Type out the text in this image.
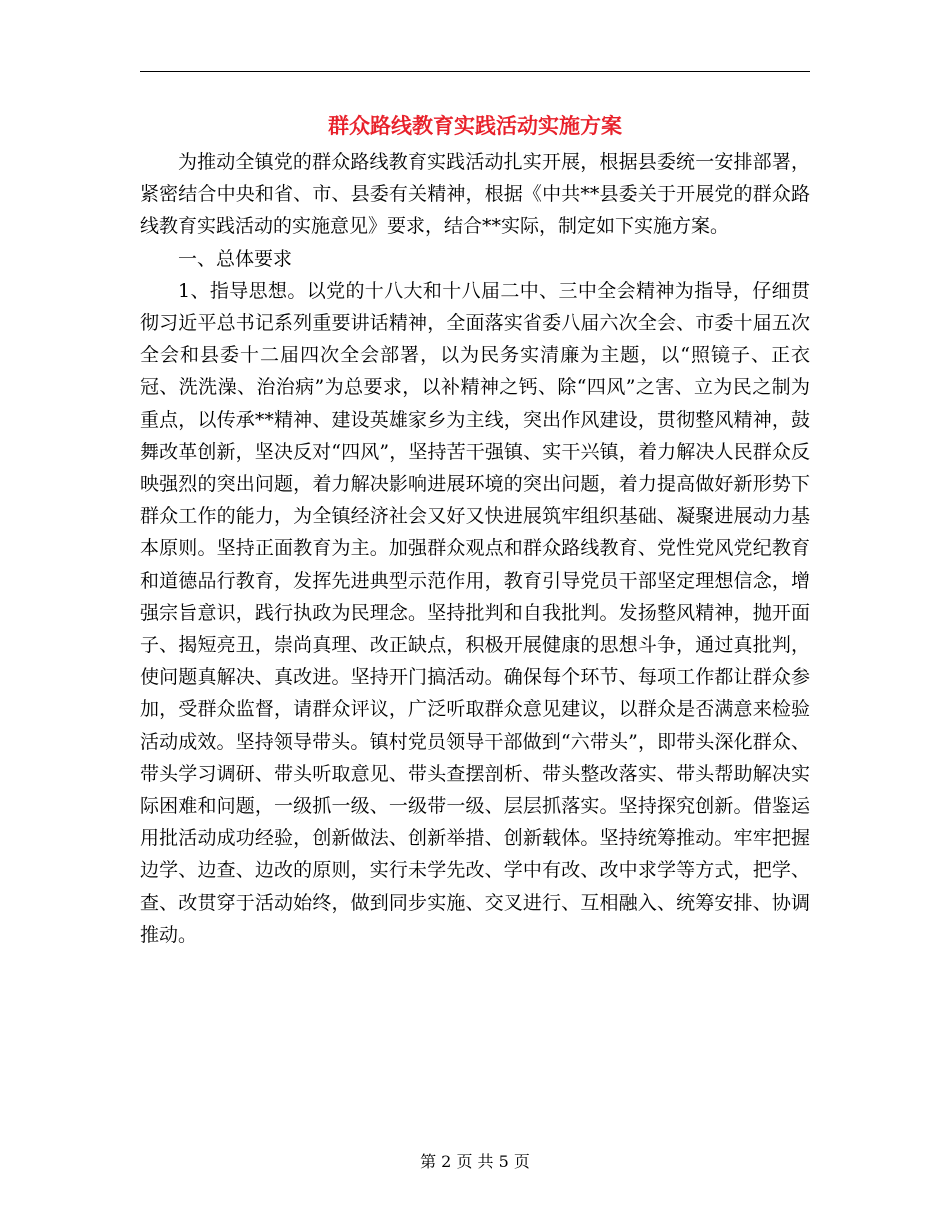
群众路线教育实践活动实施方案

为推动全镇党的群众路线教育实践活动扎实开展，根据县委统一安排部署，紧密结合中央和省、市、县委有关精神，根据《中共**县委关于开展党的群众路线教育实践活动的实施意见》要求，结合**实际，制定如下实施方案。

一、总体要求

1、指导思想。以党的十八大和十八届二中、三中全会精神为指导，仔细贯彻习近平总书记系列重要讲话精神，全面落实省委八届六次全会、市委十届五次全会和县委十二届四次全会部署，以为民务实清廉为主题，以“照镜子、正衣冠、洗洗澡、治治病”为总要求，以补精神之钙、除“四风”之害、立为民之制为重点，以传承**精神、建设英雄家乡为主线，突出作风建设，贯彻整风精神，鼓舞改革创新，坚决反对“四风”，坚持苦干强镇、实干兴镇，着力解决人民群众反映强烈的突出问题，着力解决影响进展环境的突出问题，着力提高做好新形势下群众工作的能力，为全镇经济社会又好又快进展筑牢组织基础、凝聚进展动力基本原则。坚持正面教育为主。加强群众观点和群众路线教育、党性党风党纪教育和道德品行教育，发挥先进典型示范作用，教育引导党员干部坚定理想信念，增强宗旨意识，践行执政为民理念。坚持批判和自我批判。发扬整风精神，抛开面子、揭短亮丑，崇尚真理、改正缺点，积极开展健康的思想斗争，通过真批判，使问题真解决、真改进。坚持开门搞活动。确保每个环节、每项工作都让群众参加，受群众监督，请群众评议，广泛听取群众意见建议，以群众是否满意来检验活动成效。坚持领导带头。镇村党员领导干部做到“六带头”，即带头深化群众、带头学习调研、带头听取意见、带头查摆剖析、带头整改落实、带头帮助解决实际困难和问题，一级抓一级、一级带一级、层层抓落实。坚持探究创新。借鉴运用批活动成功经验，创新做法、创新举措、创新载体。坚持统筹推动。牢牢把握边学、边查、边改的原则，实行未学先改、学中有改、改中求学等方式，把学、查、改贯穿于活动始终，做到同步实施、交叉进行、互相融入、统筹安排、协调推动。

第 2 页 共 5 页
